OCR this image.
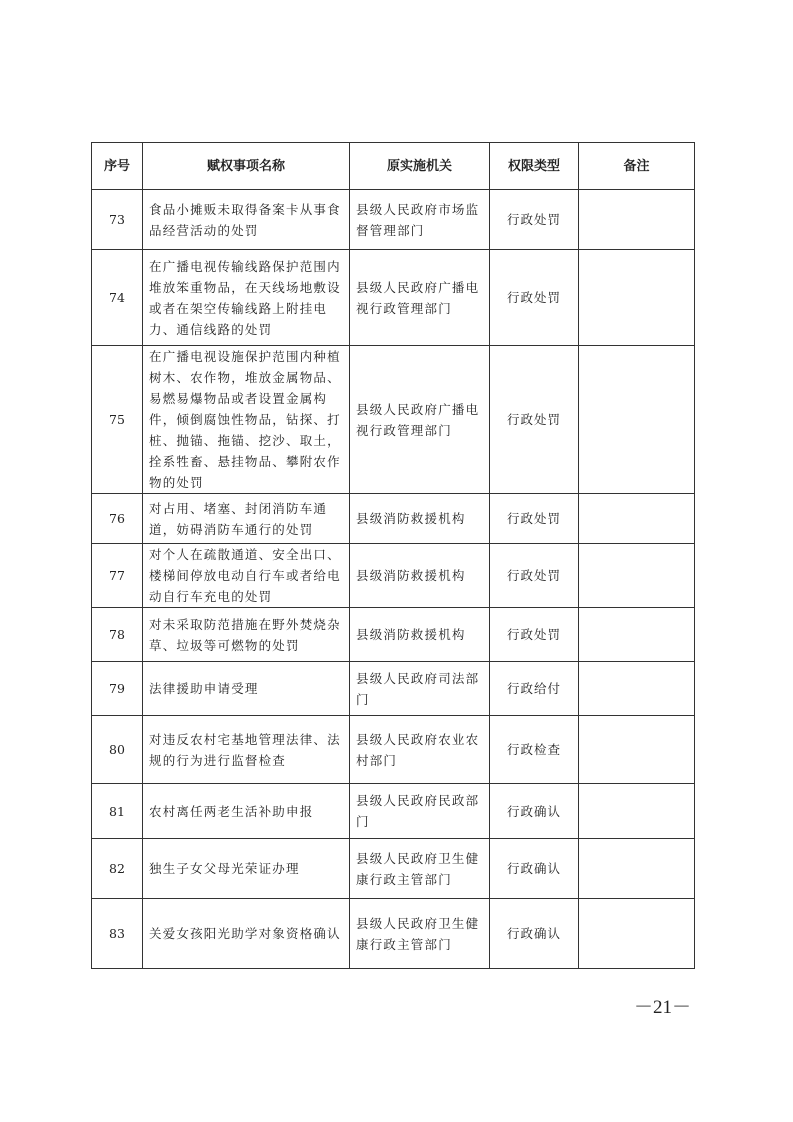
序号	赋权事项名称	原实施机关	权限类型	备注
73	食品小摊贩未取得备案卡从事食品经营活动的处罚	县级人民政府市场监督管理部门	行政处罚	
74	在广播电视传输线路保护范围内堆放笨重物品，在天线场地敷设或者在架空传输线路上附挂电力、通信线路的处罚	县级人民政府广播电视行政管理部门	行政处罚	
75	在广播电视设施保护范围内种植树木、农作物，堆放金属物品、易燃易爆物品或者设置金属构件，倾倒腐蚀性物品，钻探、打桩、抛锚、拖锚、挖沙、取土，拴系牲畜、悬挂物品、攀附农作物的处罚	县级人民政府广播电视行政管理部门	行政处罚	
76	对占用、堵塞、封闭消防车通道，妨碍消防车通行的处罚	县级消防救援机构	行政处罚	
77	对个人在疏散通道、安全出口、楼梯间停放电动自行车或者给电动自行车充电的处罚	县级消防救援机构	行政处罚	
78	对未采取防范措施在野外焚烧杂草、垃圾等可燃物的处罚	县级消防救援机构	行政处罚	
79	法律援助申请受理	县级人民政府司法部门	行政给付	
80	对违反农村宅基地管理法律、法规的行为进行监督检查	县级人民政府农业农村部门	行政检查	
81	农村离任两老生活补助申报	县级人民政府民政部门	行政确认	
82	独生子女父母光荣证办理	县级人民政府卫生健康行政主管部门	行政确认	
83	关爱女孩阳光助学对象资格确认	县级人民政府卫生健康行政主管部门	行政确认	
－21－
